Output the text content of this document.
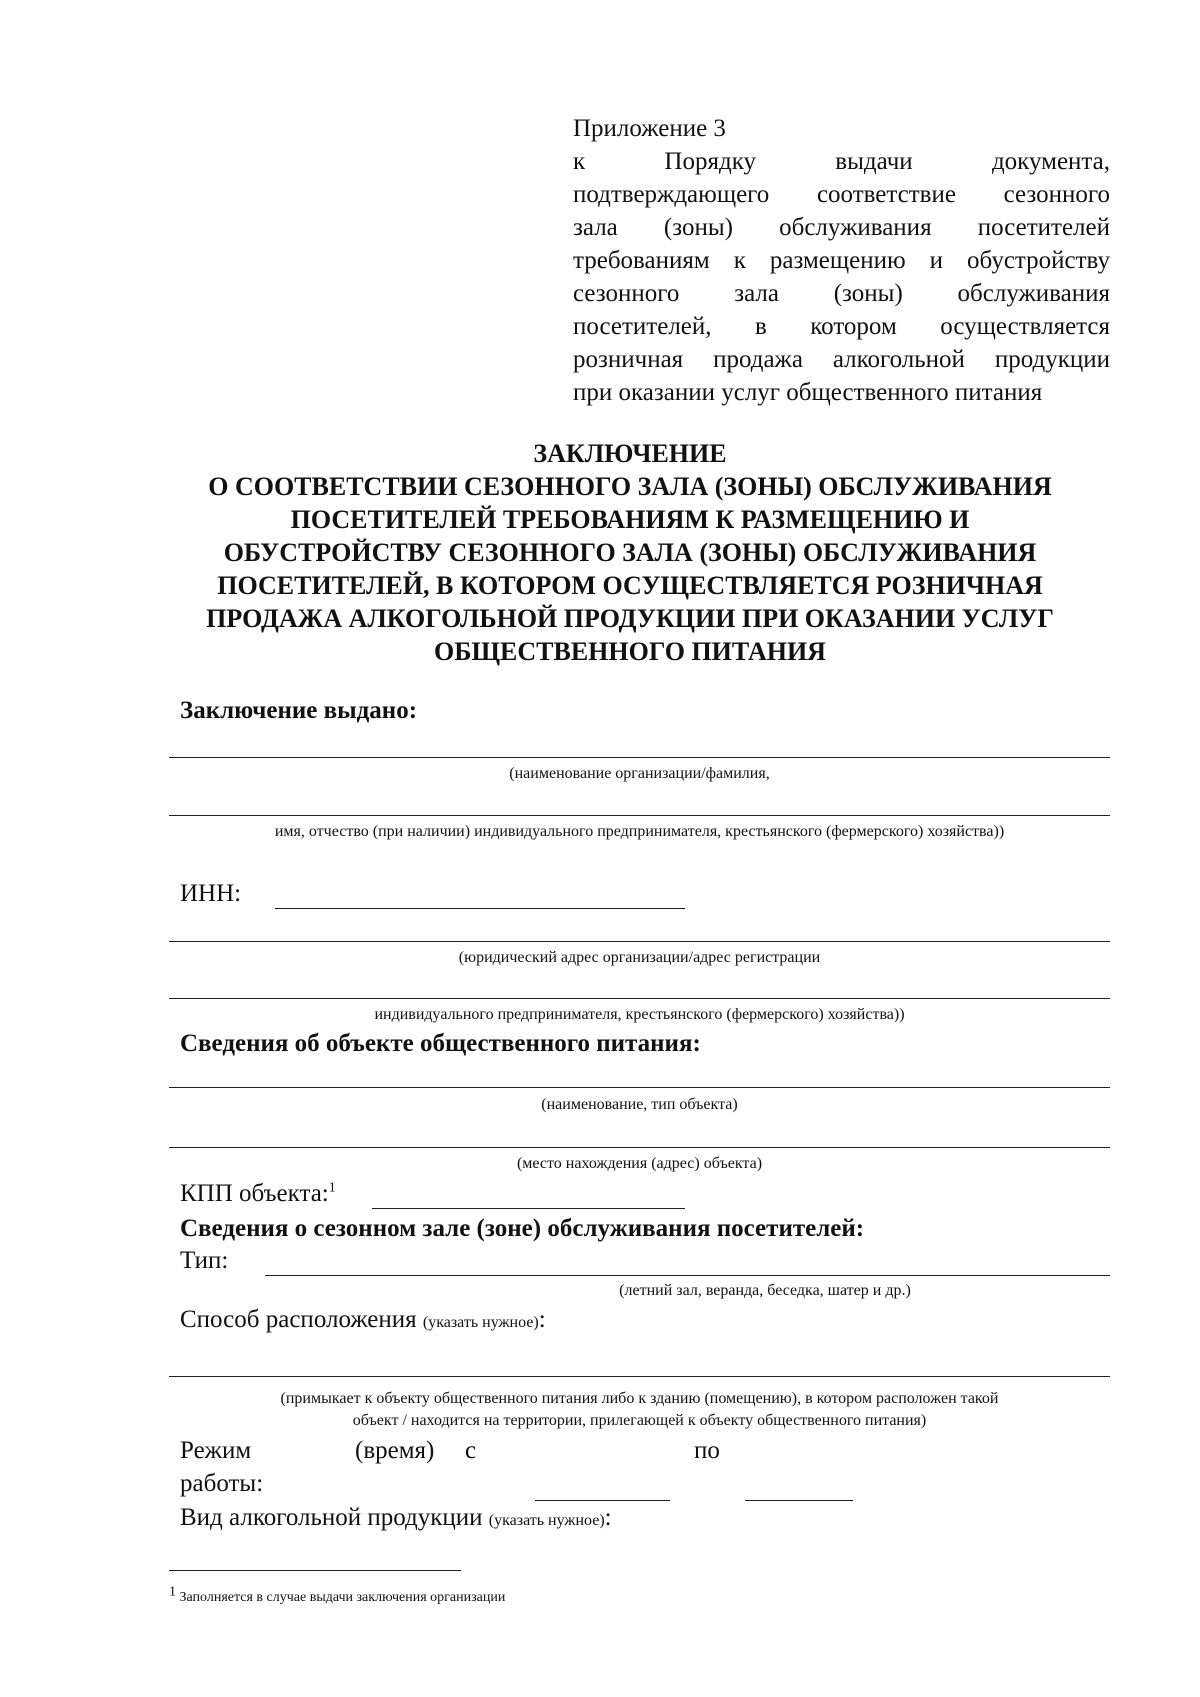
Приложение 3
к Порядку выдачи документа,
подтверждающего соответствие сезонного
зала (зоны) обслуживания посетителей
требованиям к размещению и обустройству
сезонного зала (зоны) обслуживания
посетителей, в котором осуществляется
розничная продажа алкогольной продукции
при оказании услуг общественного питания
ЗАКЛЮЧЕНИЕ
О СООТВЕТСТВИИ СЕЗОННОГО ЗАЛА (ЗОНЫ) ОБСЛУЖИВАНИЯ
ПОСЕТИТЕЛЕЙ ТРЕБОВАНИЯМ К РАЗМЕЩЕНИЮ И
ОБУСТРОЙСТВУ СЕЗОННОГО ЗАЛА (ЗОНЫ) ОБСЛУЖИВАНИЯ
ПОСЕТИТЕЛЕЙ, В КОТОРОМ ОСУЩЕСТВЛЯЕТСЯ РОЗНИЧНАЯ
ПРОДАЖА АЛКОГОЛЬНОЙ ПРОДУКЦИИ ПРИ ОКАЗАНИИ УСЛУГ
ОБЩЕСТВЕННОГО ПИТАНИЯ
Заключение выдано:
(наименование организации/фамилия,
имя, отчество (при наличии) индивидуального предпринимателя, крестьянского (фермерского) хозяйства))
ИНН:
(юридический адрес организации/адрес регистрации
индивидуального предпринимателя, крестьянского (фермерского) хозяйства))
Сведения об объекте общественного питания:
(наименование, тип объекта)
(место нахождения (адрес) объекта)
КПП объекта:$^1$
Сведения о сезонном зале (зоне) обслуживания посетителей:
Тип:
(летний зал, веранда, беседка, шатер и др.)
Способ расположения (указать нужное):
(примыкает к объекту общественного питания либо к зданию (помещению), в котором расположен такой
объект / находится на территории, прилегающей к объекту общественного питания)
Режим	(время) с	по
работы:
Вид алкогольной продукции (указать нужное):
1 Заполняется в случае выдачи заключения организации
